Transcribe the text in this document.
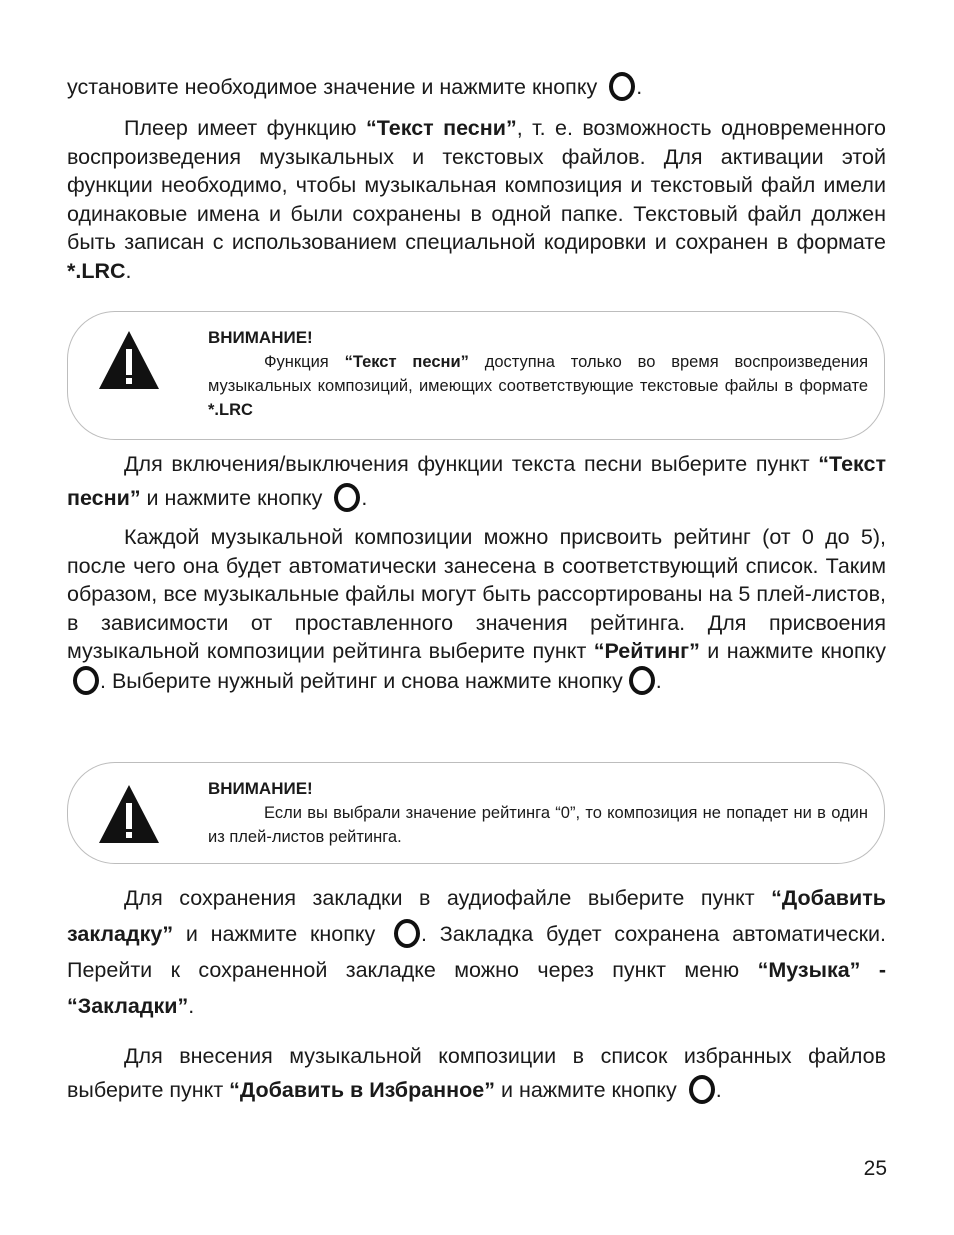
установите необходимое значение и нажмите кнопку .
Плеер имеет функцию “Текст песни”, т. е. возможность одновременного воспроизведения музыкальных и текстовых файлов. Для активации этой функции необходимо, чтобы музыкальная композиция и текстовый файл имели одинаковые имена и были сохранены в одной папке. Текстовый файл должен быть записан с использованием специальной кодировки и сохранен в формате *.LRC.
ВНИМАНИЕ!
Функция “Текст песни” доступна только во время воспроизведения музыкальных композиций, имеющих соответствующие текстовые файлы в формате *.LRC
Для включения/выключения функции текста песни выберите пункт “Текст песни” и нажмите кнопку .
Каждой музыкальной композиции можно присвоить рейтинг (от 0 до 5), после чего она будет автоматически занесена в соответствующий список. Таким образом, все музыкальные файлы могут быть рассортированы на 5 плей-листов, в зависимости от проставленного значения рейтинга. Для присвоения музыкальной композиции рейтинга выберите пункт “Рейтинг” и нажмите кнопку . Выберите нужный рейтинг и снова нажмите кнопку .
ВНИМАНИЕ!
Если вы выбрали значение рейтинга “0”, то композиция не попадет ни в один из плей-листов рейтинга.
Для сохранения закладки в аудиофайле выберите пункт “Добавить закладку” и нажмите кнопку . Закладка будет сохранена автоматически. Перейти к сохраненной закладке можно через пункт меню “Музыка” - “Закладки”.
Для внесения музыкальной композиции в список избранных файлов выберите пункт “Добавить в Избранное” и нажмите кнопку .
25
